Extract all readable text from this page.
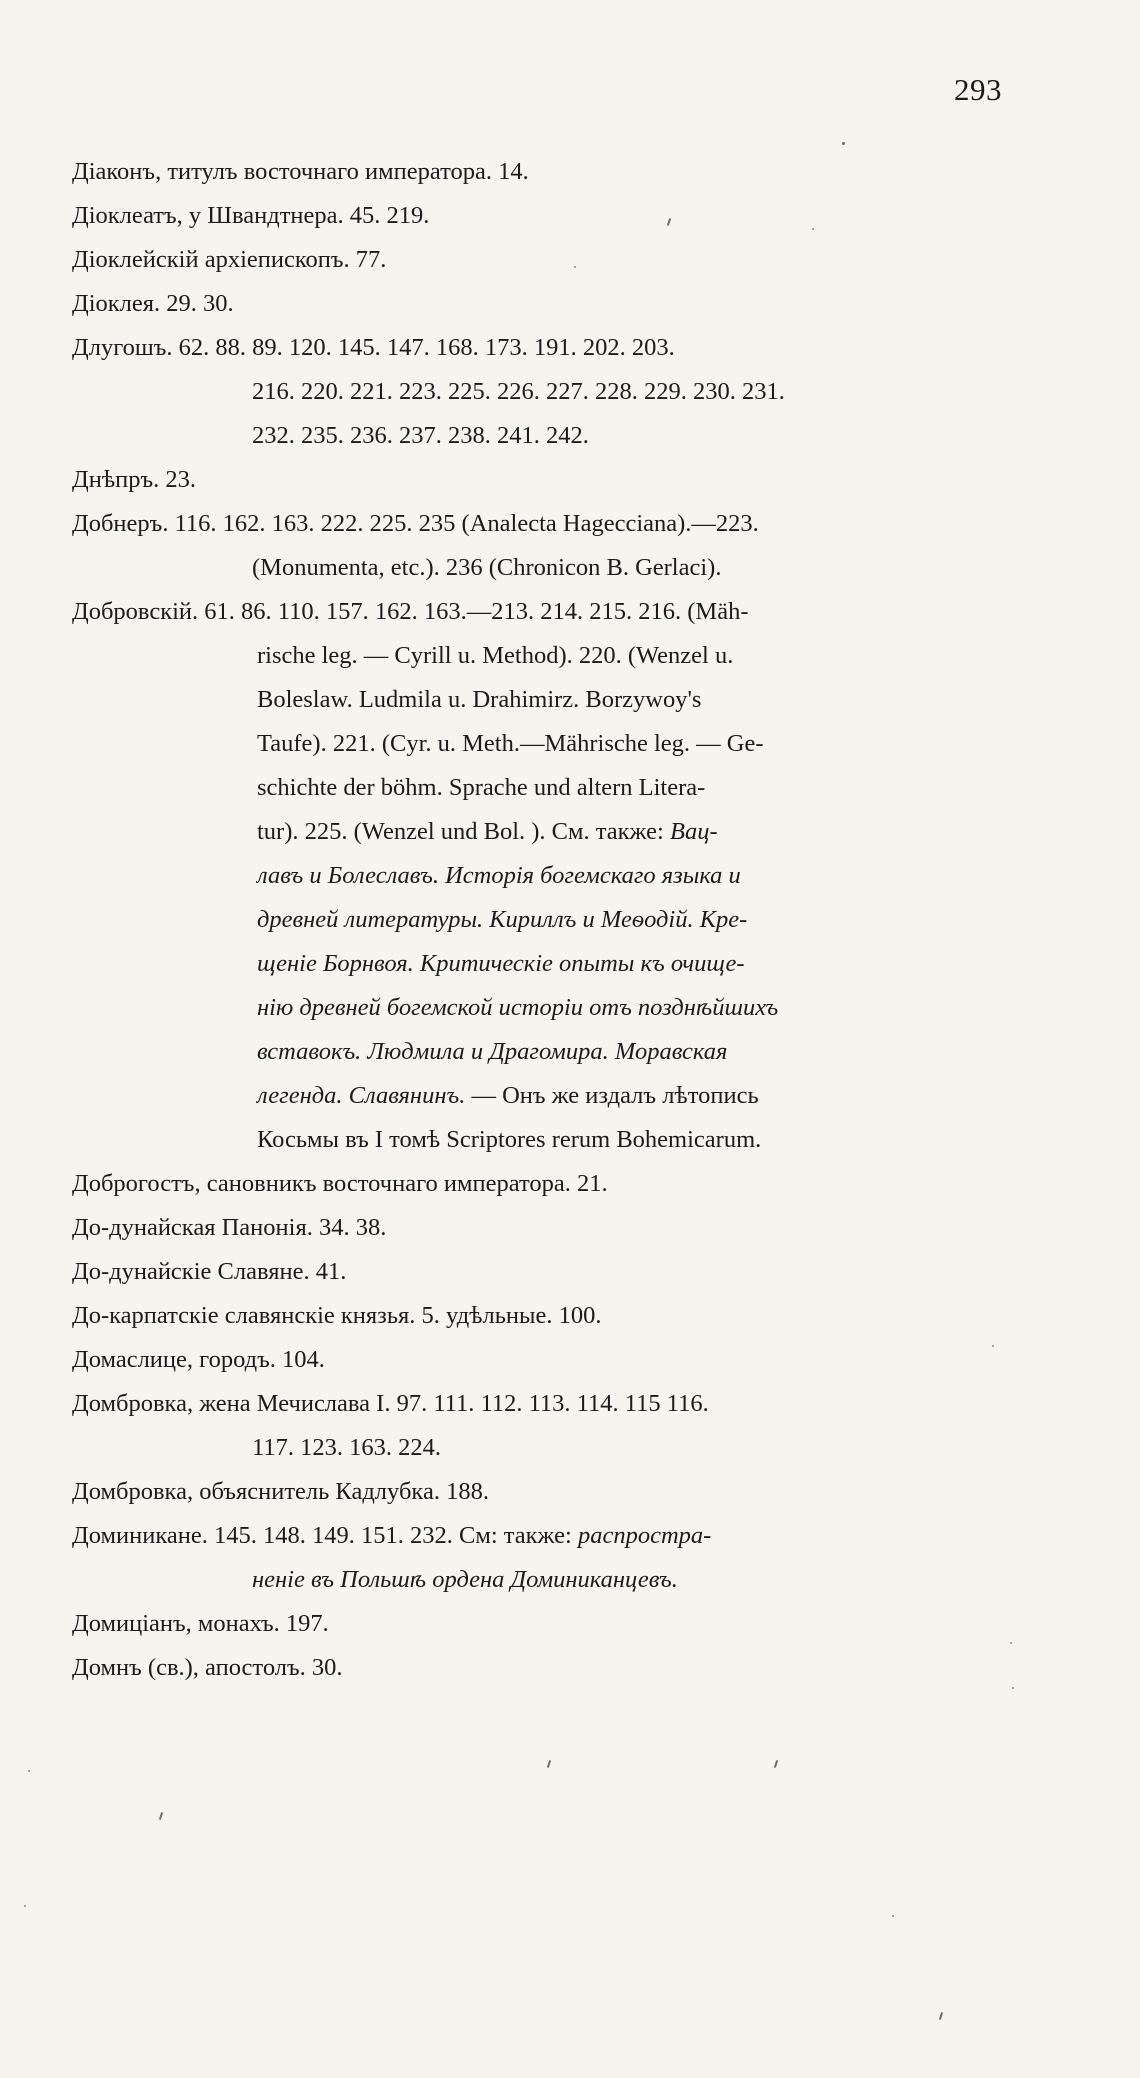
293
Діаконъ, титулъ восточнаго императора. 14.
Діоклеатъ, у Швандтнера. 45. 219.
Діоклейскій архіепископъ. 77.
Діоклея. 29. 30.
Длугошъ. 62. 88. 89. 120. 145. 147. 168. 173. 191. 202. 203.
216. 220. 221. 223. 225. 226. 227. 228. 229. 230. 231.
232. 235. 236. 237. 238. 241. 242.
Днѣпръ. 23.
Добнеръ. 116. 162. 163. 222. 225. 235 (Analecta Hageccіana).—223.
(Monumenta, etc.). 236 (Chronicon B. Gerlaci).
Добровскій. 61. 86. 110. 157. 162. 163.—213. 214. 215. 216. (Mäh-
rische leg. — Cyrill u. Method). 220. (Wenzel u.
Boleslaw. Ludmila u. Drahimirz. Borzywoy's
Taufe). 221. (Cyr. u. Meth.—Mährische leg. — Ge-
schichte der böhm. Sprache und altern Litera-
tur). 225. (Wenzel und Bol. ). См. также: Вац-
лавъ и Болеславъ. Исторія богемскаго языка и
древней литературы. Кириллъ и Меѳодій. Кре-
щеніе Борнвоя. Критическіе опыты къ очище-
нію древней богемской исторіи отъ позднѣйшихъ
вставокъ. Людмила и Драгомира. Моравская
легенда. Славянинъ. — Онъ же издалъ лѣтопись
Косьмы въ I томѣ Scriptores rerum Bohemicarum.
Доброгостъ, сановникъ восточнаго императора. 21.
До-дунайская Панонія. 34. 38.
До-дунайскіе Славяне. 41.
До-карпатскіе славянскіе князья. 5. удѣльные. 100.
Домаслице, городъ. 104.
Домбровка, жена Мечислава I. 97. 111. 112. 113. 114. 115 116.
117. 123. 163. 224.
Домбровка, объяснитель Кадлубка. 188.
Доминикане. 145. 148. 149. 151. 232. См: также: распростра-
неніе въ Польшѣ ордена Доминиканцевъ.
Домиціанъ, монахъ. 197.
Домнъ (св.), апостолъ. 30.
